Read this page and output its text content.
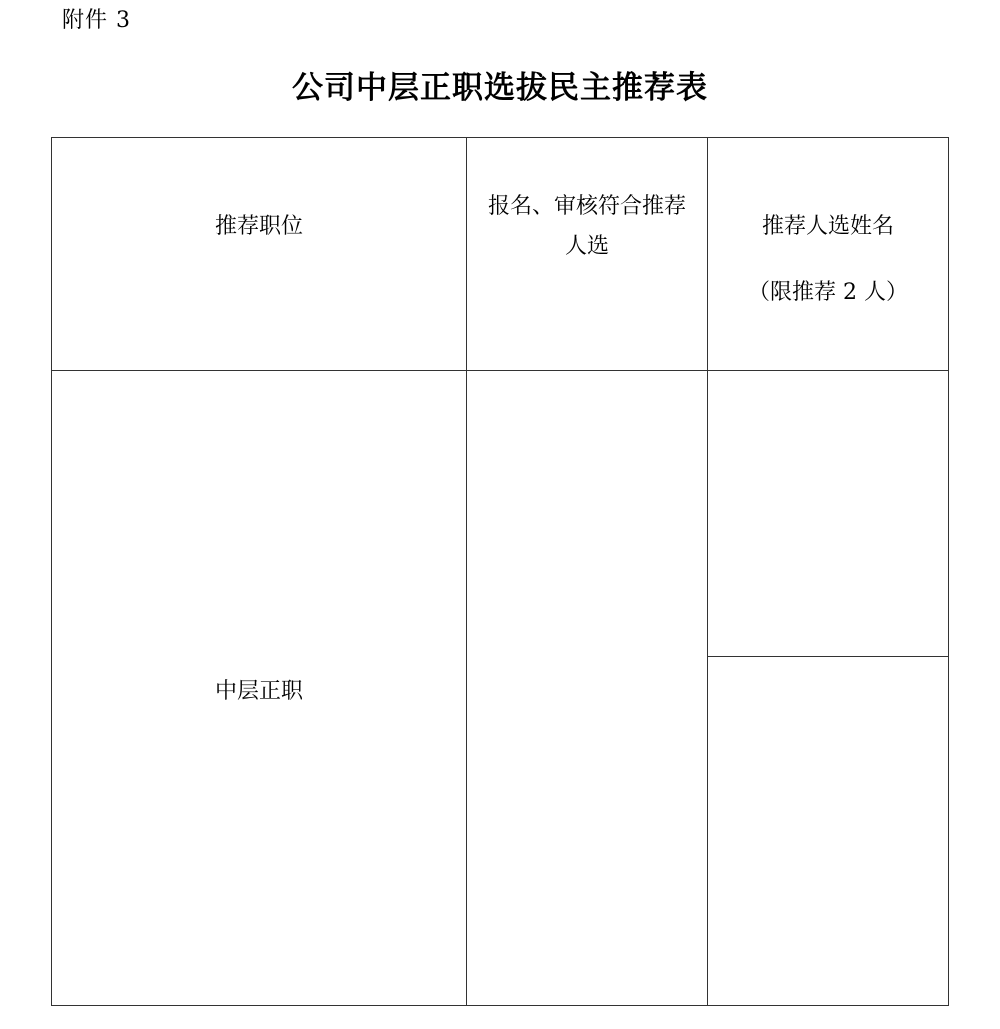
附件 3
公司中层正职选拔民主推荐表
推荐职位
报名、审核符合推荐
人选
推荐人选姓名
（限推荐 2 人）
中层正职
